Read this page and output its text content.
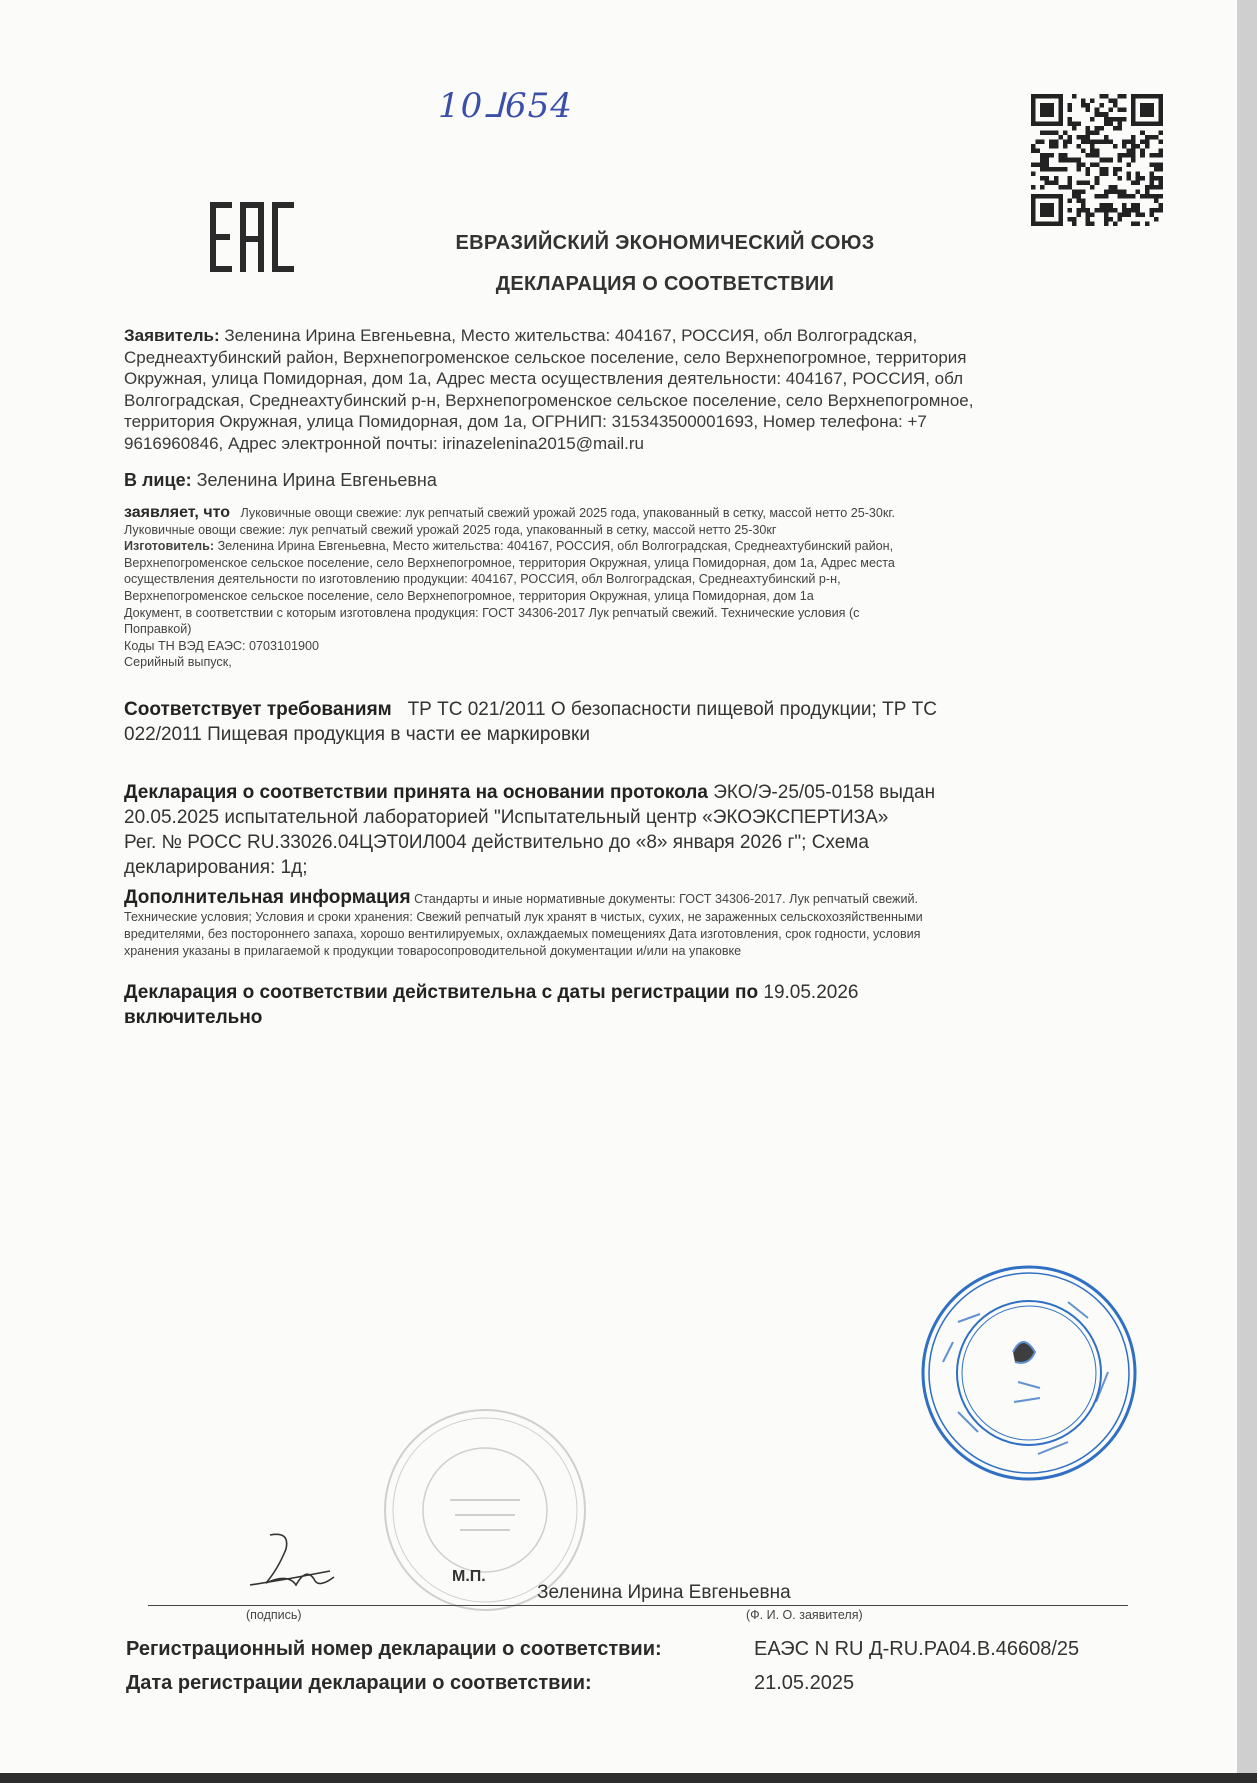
10ᒧ654
ЕВРАЗИЙСКИЙ ЭКОНОМИЧЕСКИЙ СОЮЗ
ДЕКЛАРАЦИЯ О СООТВЕТСТВИИ
Заявитель: Зеленина Ирина Евгеньевна, Место жительства: 404167, РОССИЯ, обл Волгоградская,
Среднеахтубинский район, Верхнепогроменское сельское поселение, село Верхнепогромное, территория
Окружная, улица Помидорная, дом 1а, Адрес места осуществления деятельности: 404167, РОССИЯ, обл
Волгоградская, Среднеахтубинский р-н, Верхнепогроменское сельское поселение, село Верхнепогромное,
территория Окружная, улица Помидорная, дом 1а, ОГРНИП: 315343500001693, Номер телефона: +7
9616960846, Адрес электронной почты: irinazelenina2015@mail.ru
В лице: Зеленина Ирина Евгеньевна
заявляет, что Луковичные овощи свежие: лук репчатый свежий урожай 2025 года, упакованный в сетку, массой нетто 25-30кг.
Луковичные овощи свежие: лук репчатый свежий урожай 2025 года, упакованный в сетку, массой нетто 25-30кг
Изготовитель: Зеленина Ирина Евгеньевна, Место жительства: 404167, РОССИЯ, обл Волгоградская, Среднеахтубинский район,
Верхнепогроменское сельское поселение, село Верхнепогромное, территория Окружная, улица Помидорная, дом 1а, Адрес места
осуществления деятельности по изготовлению продукции: 404167, РОССИЯ, обл Волгоградская, Среднеахтубинский р-н,
Верхнепогроменское сельское поселение, село Верхнепогромное, территория Окружная, улица Помидорная, дом 1а
Документ, в соответствии с которым изготовлена продукция: ГОСТ 34306-2017 Лук репчатый свежий. Технические условия (с
Поправкой)
Коды ТН ВЭД ЕАЭС: 0703101900
Серийный выпуск,
Соответствует требованиям ТР ТС 021/2011 О безопасности пищевой продукции; ТР ТС
022/2011 Пищевая продукция в части ее маркировки
Декларация о соответствии принята на основании протокола ЭКО/Э-25/05-0158 выдан
20.05.2025 испытательной лабораторией "Испытательный центр «ЭКОЭКСПЕРТИЗА»
Рег. № РОСС RU.33026.04ЦЭТ0ИЛ004 действительно до «8» января 2026 г"; Схема
декларирования: 1д;
Дополнительная информация Стандарты и иные нормативные документы: ГОСТ 34306-2017. Лук репчатый свежий.
Технические условия; Условия и сроки хранения: Свежий репчатый лук хранят в чистых, сухих, не зараженных сельскохозяйственными
вредителями, без постороннего запаха, хорошо вентилируемых, охлаждаемых помещениях Дата изготовления, срок годности, условия
хранения указаны в прилагаемой к продукции товаросопроводительной документации и/или на упаковке
Декларация о соответствии действительна с даты регистрации по 19.05.2026
включительно
М.П.
Зеленина Ирина Евгеньевна
(подпись)	(Ф. И. О. заявителя)
Регистрационный номер декларации о соответствии:	ЕАЭС N RU Д-RU.РА04.В.46608/25
Дата регистрации декларации о соответствии:	21.05.2025
